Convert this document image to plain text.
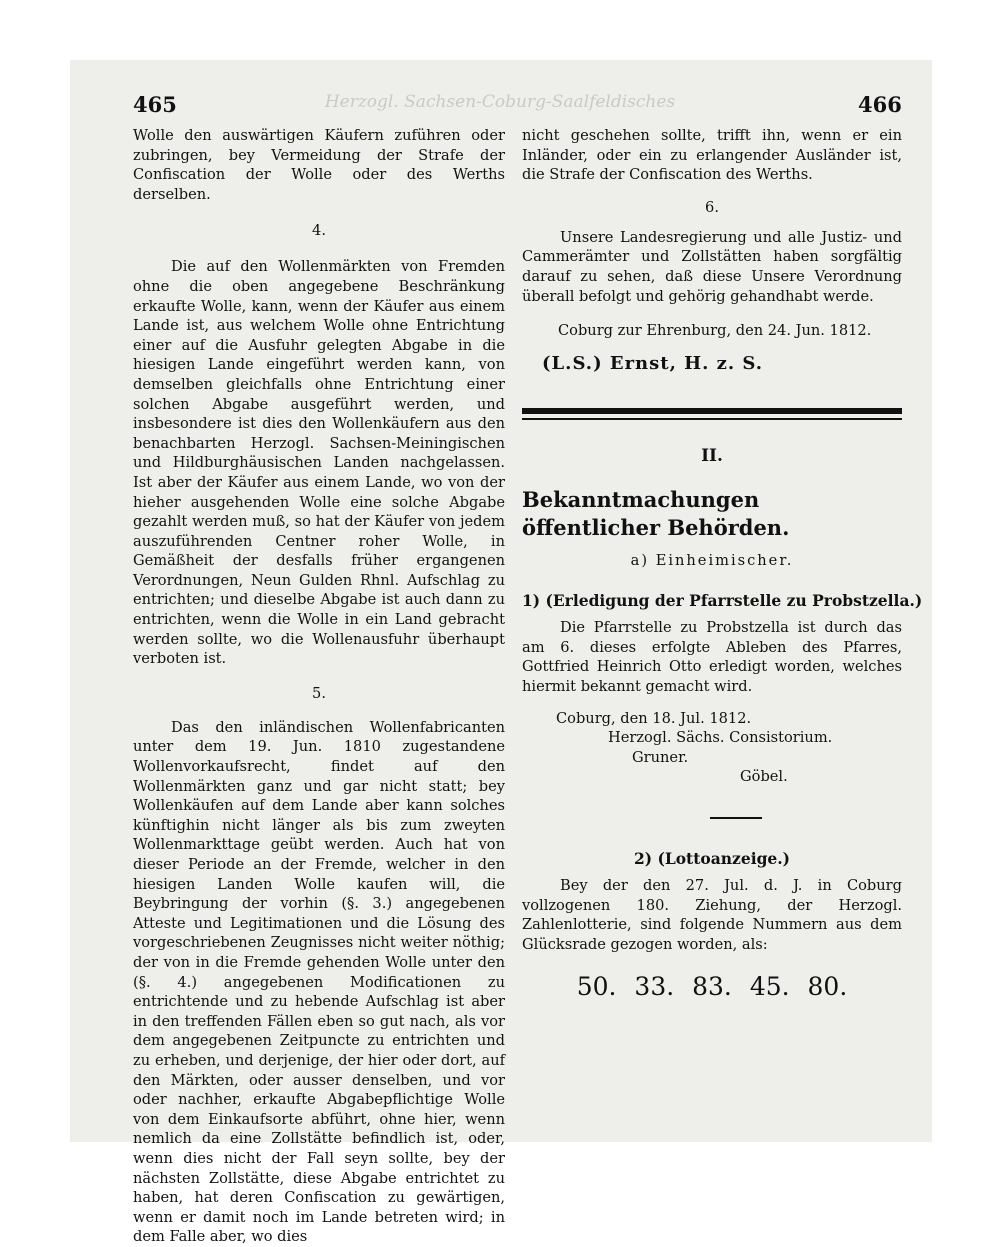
465	Herzogl. Sachsen-Coburg-Saalfeldisches	466

Wolle den auswärtigen Käufern zuführen oder zubringen, bey Vermeidung der Strafe der Confiscation der Wolle oder des Werths derselben.

4.

Die auf den Wollenmärkten von Fremden ohne die oben angegebene Beschränkung erkaufte Wolle, kann, wenn der Käufer aus einem Lande ist, aus welchem Wolle ohne Entrichtung einer auf die Ausfuhr gelegten Abgabe in die hiesigen Lande eingeführt werden kann, von demselben gleichfalls ohne Entrichtung einer solchen Abgabe ausgeführt werden, und insbesondere ist dies den Wollenkäufern aus den benachbarten Herzogl. Sachsen-Meiningischen und Hildburghäusischen Landen nachgelassen. Ist aber der Käufer aus einem Lande, wo von der hieher ausgehenden Wolle eine solche Abgabe gezahlt werden muß, so hat der Käufer von jedem auszuführenden Centner roher Wolle, in Gemäßheit der desfalls früher ergangenen Verordnungen, Neun Gulden Rhnl. Aufschlag zu entrichten; und dieselbe Abgabe ist auch dann zu entrichten, wenn die Wolle in ein Land gebracht werden sollte, wo die Wollenausfuhr überhaupt verboten ist.

5.

Das den inländischen Wollenfabricanten unter dem 19. Jun. 1810 zugestandene Wollenvorkaufsrecht, findet auf den Wollenmärkten ganz und gar nicht statt; bey Wollenkäufen auf dem Lande aber kann solches künftighin nicht länger als bis zum zweyten Wollenmarkttage geübt werden. Auch hat von dieser Periode an der Fremde, welcher in den hiesigen Landen Wolle kaufen will, die Beybringung der vorhin (§. 3.) angegebenen Atteste und Legitimationen und die Lösung des vorgeschriebenen Zeugnisses nicht weiter nöthig; der von in die Fremde gehenden Wolle unter den (§. 4.) angegebenen Modificationen zu entrichtende und zu hebende Aufschlag ist aber in den treffenden Fällen eben so gut nach, als vor dem angegebenen Zeitpuncte zu entrichten und zu erheben, und derjenige, der hier oder dort, auf den Märkten, oder ausser denselben, und vor oder nachher, erkaufte Abgabepflichtige Wolle von dem Einkaufsorte abführt, ohne hier, wenn nemlich da eine Zollstätte befindlich ist, oder, wenn dies nicht der Fall seyn sollte, bey der nächsten Zollstätte, diese Abgabe entrichtet zu haben, hat deren Confiscation zu gewärtigen, wenn er damit noch im Lande betreten wird; in dem Falle aber, wo dies

nicht geschehen sollte, trifft ihn, wenn er ein Inländer, oder ein zu erlangender Ausländer ist, die Strafe der Confiscation des Werths.

6.

Unsere Landesregierung und alle Justiz- und Cammerämter und Zollstätten haben sorgfältig darauf zu sehen, daß diese Unsere Verordnung überall befolgt und gehörig gehandhabt werde.

Coburg zur Ehrenburg, den 24. Jun. 1812.
(L.S.) Ernst, H. z. S.
II.
Bekanntmachungen öffentlicher Behörden.
a) Einheimischer.
1) (Erledigung der Pfarrstelle zu Probstzella.)

Die Pfarrstelle zu Probstzella ist durch das am 6. dieses erfolgte Ableben des Pfarres, Gottfried Heinrich Otto erledigt worden, welches hiermit bekannt gemacht wird.

Coburg, den 18. Jul. 1812.
Herzogl. Sächs. Consistorium.
Gruner.
Göbel.
2) (Lottoanzeige.)

Bey der den 27. Jul. d. J. in Coburg vollzogenen 180. Ziehung, der Herzogl. Zahlenlotterie, sind folgende Nummern aus dem Glücksrade gezogen worden, als:

50. 33. 83. 45. 80.
